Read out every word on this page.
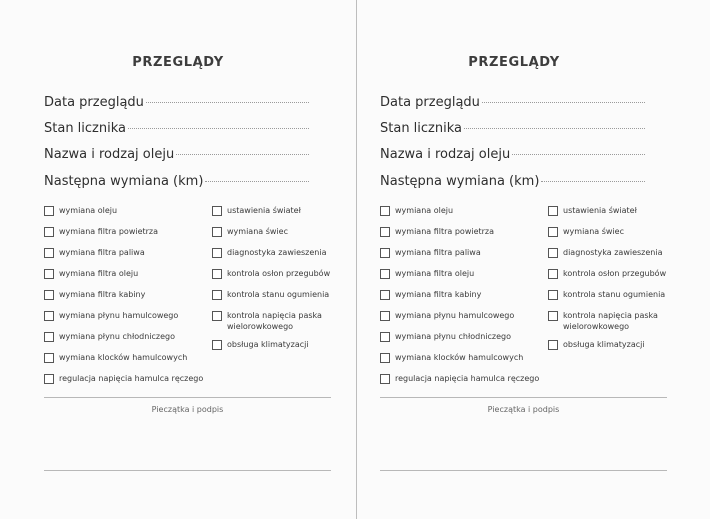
PRZEGLĄDY
Data przeglądu
Stan licznika
Nazwa i rodzaj oleju
Następna wymiana (km)
wymiana oleju
wymiana filtra powietrza
wymiana filtra paliwa
wymiana filtra oleju
wymiana filtra kabiny
wymiana płynu hamulcowego
wymiana płynu chłodniczego
wymiana klocków hamulcowych
regulacja napięcia hamulca ręczego
ustawienia świateł
wymiana świec
diagnostyka zawieszenia
kontrola osłon przegubów
kontrola stanu ogumienia
kontrola napięcia paska wielorowkowego
obsługa klimatyzacji
Pieczątka i podpis
PRZEGLĄDY
Data przeglądu
Stan licznika
Nazwa i rodzaj oleju
Następna wymiana (km)
wymiana oleju
wymiana filtra powietrza
wymiana filtra paliwa
wymiana filtra oleju
wymiana filtra kabiny
wymiana płynu hamulcowego
wymiana płynu chłodniczego
wymiana klocków hamulcowych
regulacja napięcia hamulca ręczego
ustawienia świateł
wymiana świec
diagnostyka zawieszenia
kontrola osłon przegubów
kontrola stanu ogumienia
kontrola napięcia paska wielorowkowego
obsługa klimatyzacji
Pieczątka i podpis
